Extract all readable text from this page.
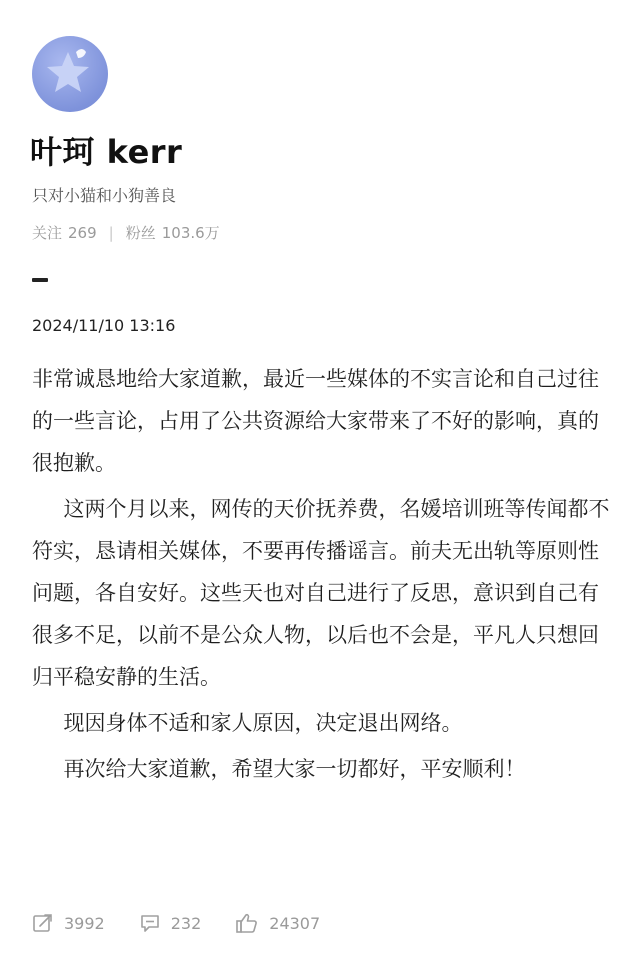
叶珂 kerr
只对小猫和小狗善良
关注 269 | 粉丝 103.6万
2024/11/10 13:16

非常诚恳地给大家道歉，最近一些媒体的不实言论和自己过往的一些言论，占用了公共资源给大家带来了不好的影响，真的很抱歉。

这两个月以来，网传的天价抚养费，名媛培训班等传闻都不符实，恳请相关媒体，不要再传播谣言。前夫无出轨等原则性问题，各自安好。这些天也对自己进行了反思，意识到自己有很多不足，以前不是公众人物，以后也不会是，平凡人只想回归平稳安静的生活。

现因身体不适和家人原因，决定退出网络。

再次给大家道歉，希望大家一切都好，平安顺利！

3992	232	24307
